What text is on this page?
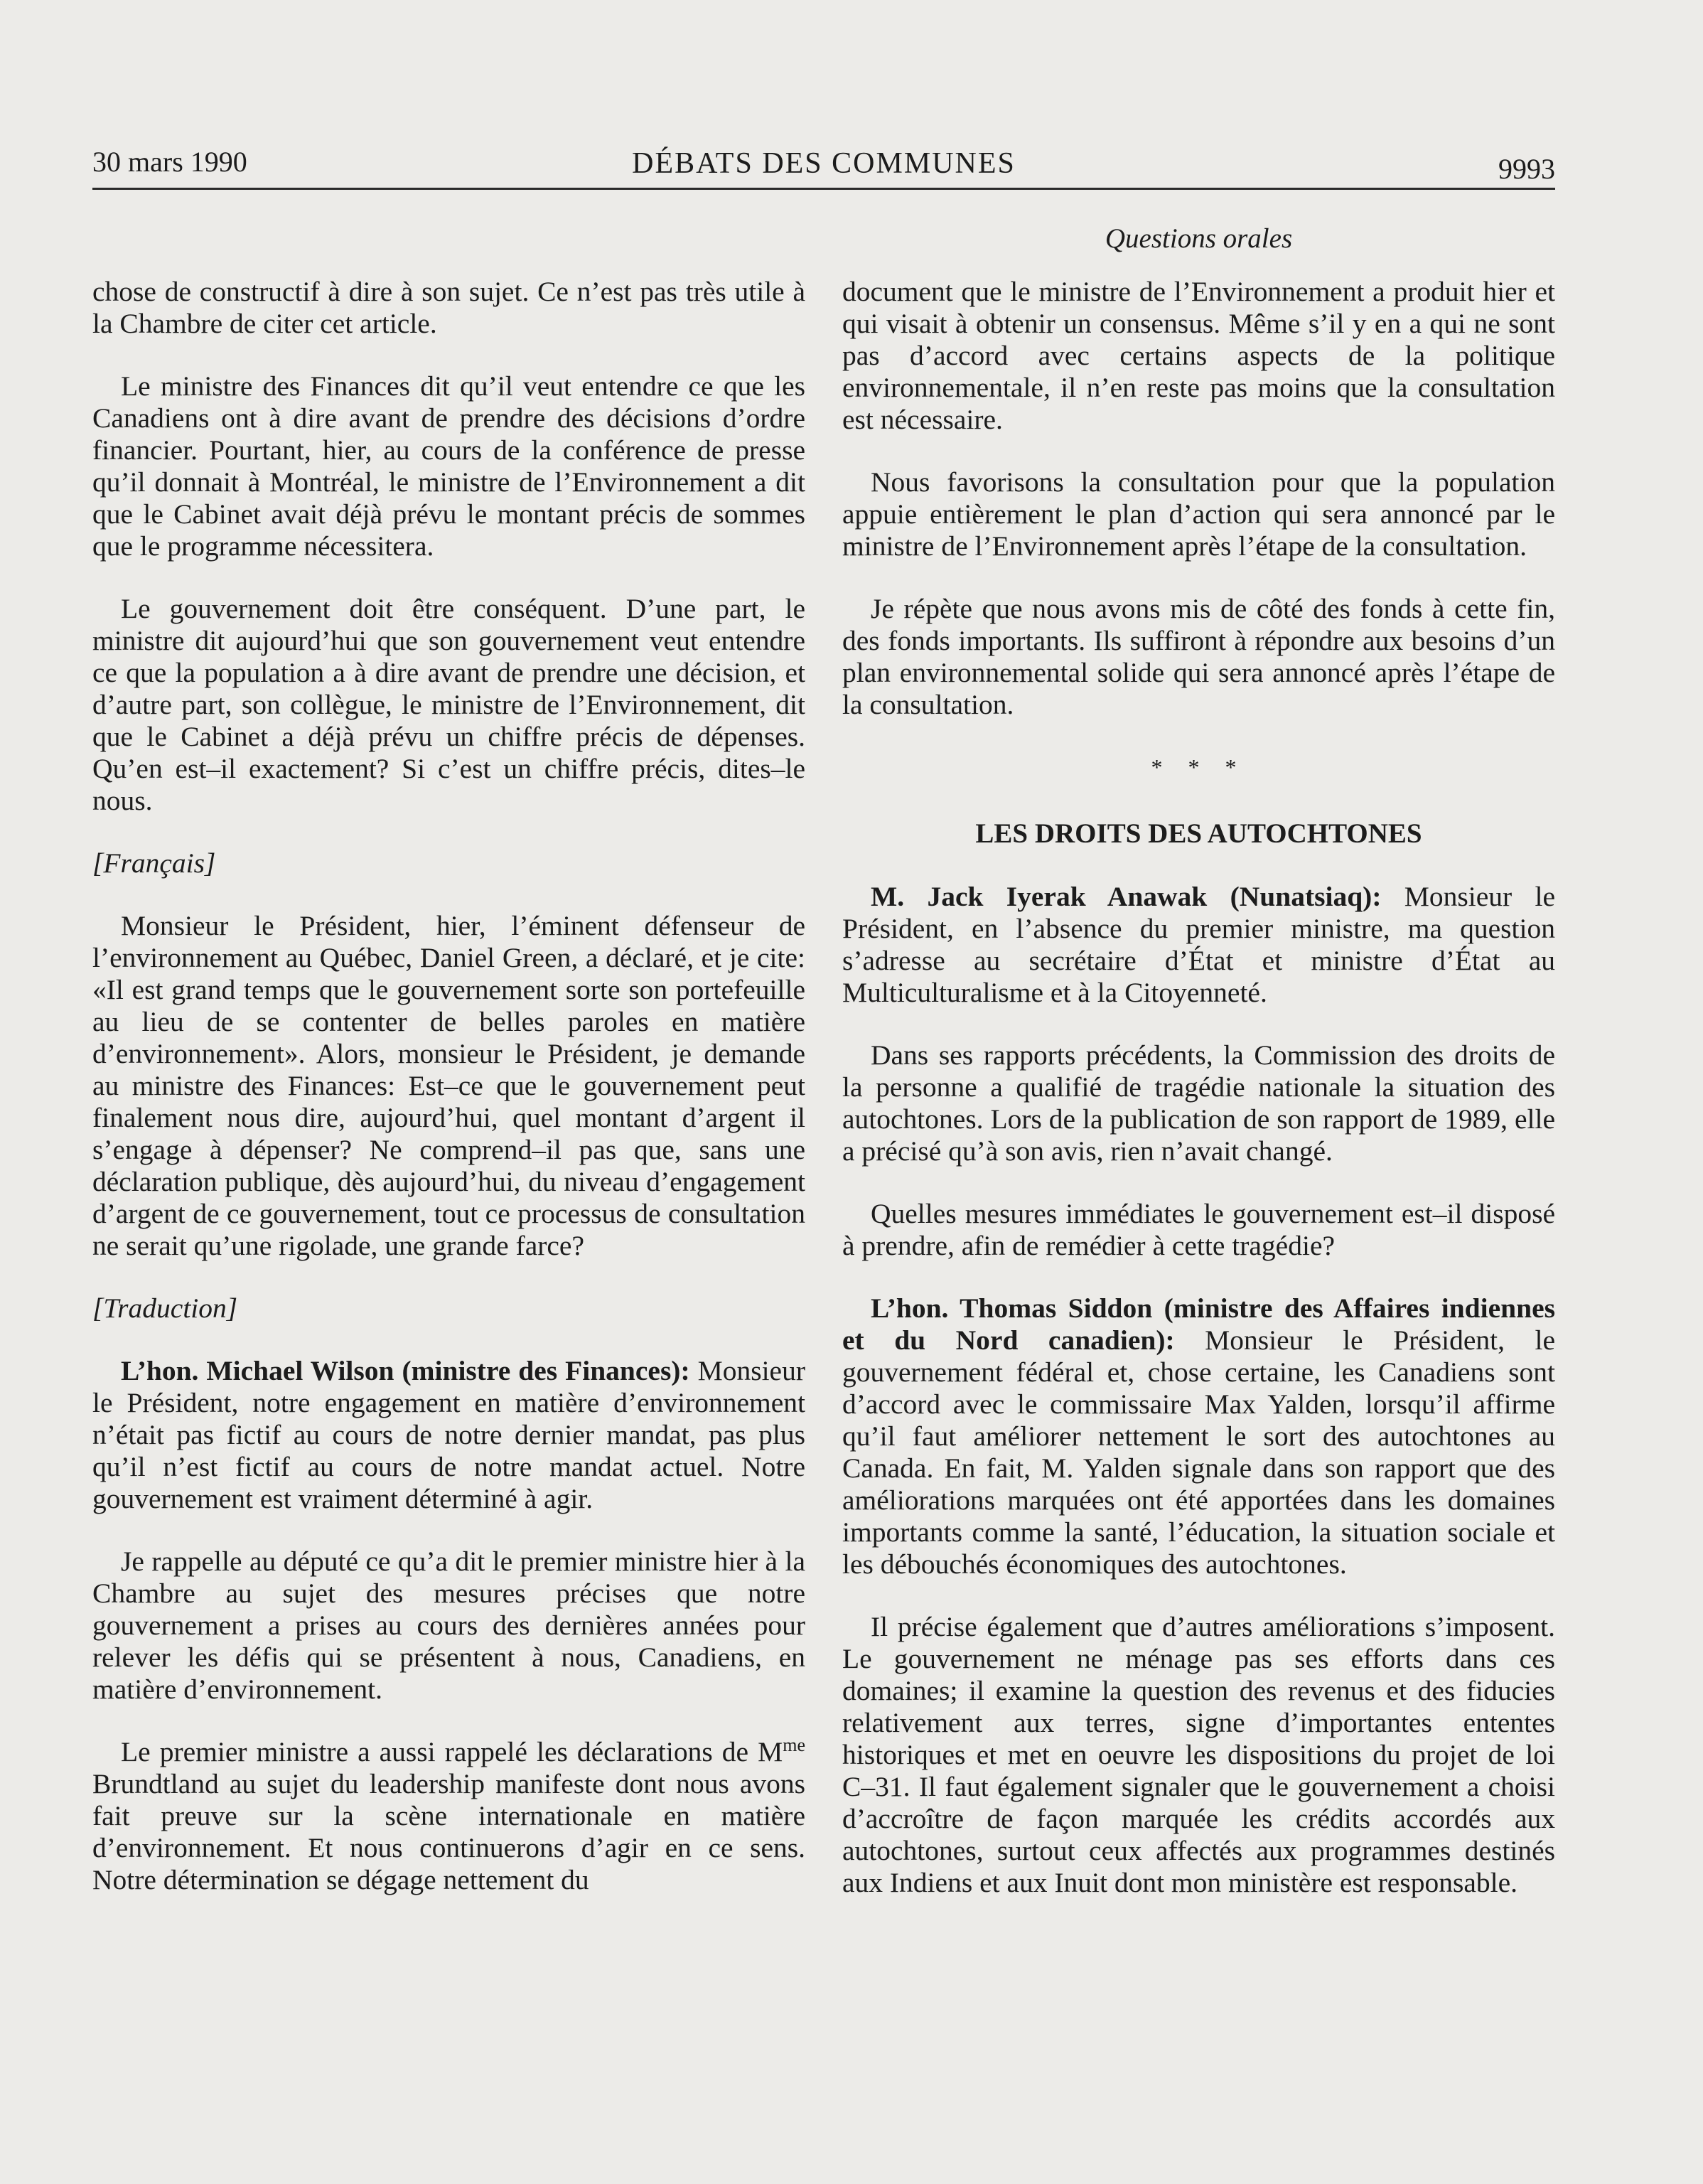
30 mars 1990	DÉBATS DES COMMUNES	9993
Questions orales

chose de constructif à dire à son sujet. Ce n’est pas très utile à la Chambre de citer cet article.

Le ministre des Finances dit qu’il veut entendre ce que les Canadiens ont à dire avant de prendre des décisions d’ordre financier. Pourtant, hier, au cours de la conférence de presse qu’il donnait à Montréal, le ministre de l’Environnement a dit que le Cabinet avait déjà prévu le montant précis de sommes que le programme nécessitera.

Le gouvernement doit être conséquent. D’une part, le ministre dit aujourd’hui que son gouvernement veut entendre ce que la population a à dire avant de prendre une décision, et d’autre part, son collègue, le ministre de l’Environnement, dit que le Cabinet a déjà prévu un chiffre précis de dépenses. Qu’en est–il exactement? Si c’est un chiffre précis, dites–le nous.

[Français]

Monsieur le Président, hier, l’éminent défenseur de l’environnement au Québec, Daniel Green, a déclaré, et je cite: «Il est grand temps que le gouvernement sorte son portefeuille au lieu de se contenter de belles paroles en matière d’environnement». Alors, monsieur le Président, je demande au ministre des Finances: Est–ce que le gouvernement peut finalement nous dire, aujourd’hui, quel montant d’argent il s’engage à dépenser? Ne comprend–il pas que, sans une déclaration publique, dès aujourd’hui, du niveau d’engagement d’argent de ce gouvernement, tout ce processus de consultation ne serait qu’une rigolade, une grande farce?

[Traduction]

L’hon. Michael Wilson (ministre des Finances): Monsieur le Président, notre engagement en matière d’environnement n’était pas fictif au cours de notre dernier mandat, pas plus qu’il n’est fictif au cours de notre mandat actuel. Notre gouvernement est vraiment déterminé à agir.

Je rappelle au député ce qu’a dit le premier ministre hier à la Chambre au sujet des mesures précises que notre gouvernement a prises au cours des dernières années pour relever les défis qui se présentent à nous, Canadiens, en matière d’environnement.

Le premier ministre a aussi rappelé les déclarations de $M^{me}$ Brundtland au sujet du leadership manifeste dont nous avons fait preuve sur la scène internationale en matière d’environnement. Et nous continuerons d’agir en ce sens. Notre détermination se dégage nettement du

document que le ministre de l’Environnement a produit hier et qui visait à obtenir un consensus. Même s’il y en a qui ne sont pas d’accord avec certains aspects de la politique environnementale, il n’en reste pas moins que la consultation est nécessaire.

Nous favorisons la consultation pour que la population appuie entièrement le plan d’action qui sera annoncé par le ministre de l’Environnement après l’étape de la consultation.

Je répète que nous avons mis de côté des fonds à cette fin, des fonds importants. Ils suffiront à répondre aux besoins d’un plan environnemental solide qui sera annoncé après l’étape de la consultation.

* * *

LES DROITS DES AUTOCHTONES

M. Jack Iyerak Anawak (Nunatsiaq): Monsieur le Président, en l’absence du premier ministre, ma question s’adresse au secrétaire d’État et ministre d’État au Multiculturalisme et à la Citoyenneté.

Dans ses rapports précédents, la Commission des droits de la personne a qualifié de tragédie nationale la situation des autochtones. Lors de la publication de son rapport de 1989, elle a précisé qu’à son avis, rien n’avait changé.

Quelles mesures immédiates le gouvernement est–il disposé à prendre, afin de remédier à cette tragédie?

L’hon. Thomas Siddon (ministre des Affaires indiennes et du Nord canadien): Monsieur le Président, le gouvernement fédéral et, chose certaine, les Canadiens sont d’accord avec le commissaire Max Yalden, lorsqu’il affirme qu’il faut améliorer nettement le sort des autochtones au Canada. En fait, M. Yalden signale dans son rapport que des améliorations marquées ont été apportées dans les domaines importants comme la santé, l’éducation, la situation sociale et les débouchés économiques des autochtones.

Il précise également que d’autres améliorations s’imposent. Le gouvernement ne ménage pas ses efforts dans ces domaines; il examine la question des revenus et des fiducies relativement aux terres, signe d’importantes ententes historiques et met en oeuvre les dispositions du projet de loi C–31. Il faut également signaler que le gouvernement a choisi d’accroître de façon marquée les crédits accordés aux autochtones, surtout ceux affectés aux programmes destinés aux Indiens et aux Inuit dont mon ministère est responsable.
